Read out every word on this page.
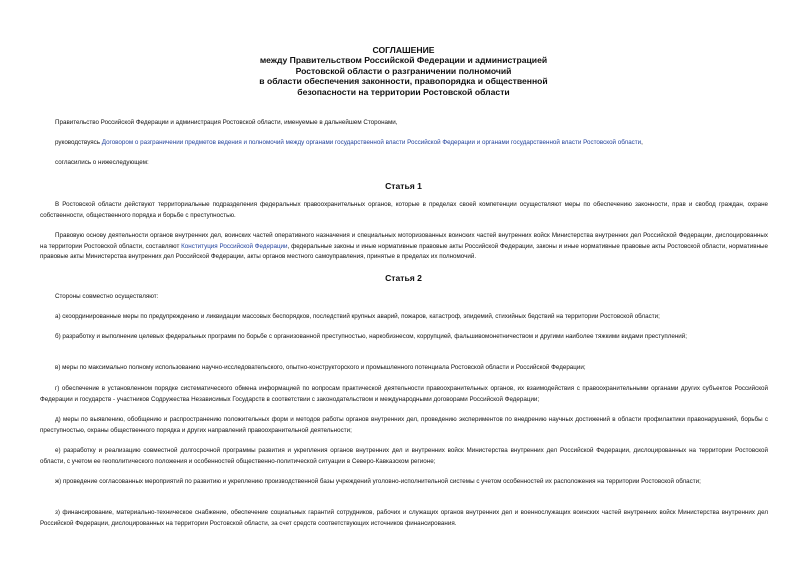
СОГЛАШЕНИЕ
между Правительством Российской Федерации и администрацией
Ростовской области о разграничении полномочий
в области обеспечения законности, правопорядка и общественной
безопасности на территории Ростовской области

Правительство Российской Федерации и администрация Ростовской области, именуемые в дальнейшем Сторонами,

руководствуясь Договором о разграничении предметов ведения и полномочий между органами государственной власти Российской Федерации и органами государственной власти Ростовской области,

согласились о нижеследующем:

Статья 1

В Ростовской области действуют территориальные подразделения федеральных правоохранительных органов, которые в пределах своей компетенции осуществляют меры по обеспечению законности, прав и свобод граждан, охране собственности, общественного порядка и борьбе с преступностью.

Правовую основу деятельности органов внутренних дел, воинских частей оперативного назначения и специальных моторизованных воинских частей внутренних войск Министерства внутренних дел Российской Федерации, дислоцированных на территории Ростовской области, составляют Конституция Российской Федерации, федеральные законы и иные нормативные правовые акты Российской Федерации, законы и иные нормативные правовые акты Ростовской области, нормативные правовые акты Министерства внутренних дел Российской Федерации, акты органов местного самоуправления, принятые в пределах их полномочий.

Статья 2

Стороны совместно осуществляют:

а) скоординированные меры по предупреждению и ликвидации массовых беспорядков, последствий крупных аварий, пожаров, катастроф, эпидемий, стихийных бедствий на территории Ростовской области;

б) разработку и выполнение целевых федеральных программ по борьбе с организованной преступностью, наркобизнесом, коррупцией, фальшивомонетничеством и другими наиболее тяжкими видами преступлений;

в) меры по максимально полному использованию научно-исследовательского, опытно-конструкторского и промышленного потенциала Ростовской области и Российской Федерации;

г) обеспечение в установленном порядке систематического обмена информацией по вопросам практической деятельности правоохранительных органов, их взаимодействия с правоохранительными органами других субъектов Российской Федерации и государств - участников Содружества Независимых Государств в соответствии с законодательством и международными договорами Российской Федерации;

д) меры по выявлению, обобщению и распространению положительных форм и методов работы органов внутренних дел, проведению экспериментов по внедрению научных достижений в области профилактики правонарушений, борьбы с преступностью, охраны общественного порядка и других направлений правоохранительной деятельности;

е) разработку и реализацию совместной долгосрочной программы развития и укрепления органов внутренних дел и внутренних войск Министерства внутренних дел Российской Федерации, дислоцированных на территории Ростовской области, с учетом ее геополитического положения и особенностей общественно-политической ситуации в Северо-Кавказском регионе;

ж) проведение согласованных мероприятий по развитию и укреплению производственной базы учреждений уголовно-исполнительной системы с учетом особенностей их расположения на территории Ростовской области;

з) финансирование, материально-техническое снабжение, обеспечение социальных гарантий сотрудников, рабочих и служащих органов внутренних дел и военнослужащих воинских частей внутренних войск Министерства внутренних дел Российской Федерации, дислоцированных на территории Ростовской области, за счет средств соответствующих источников финансирования.
